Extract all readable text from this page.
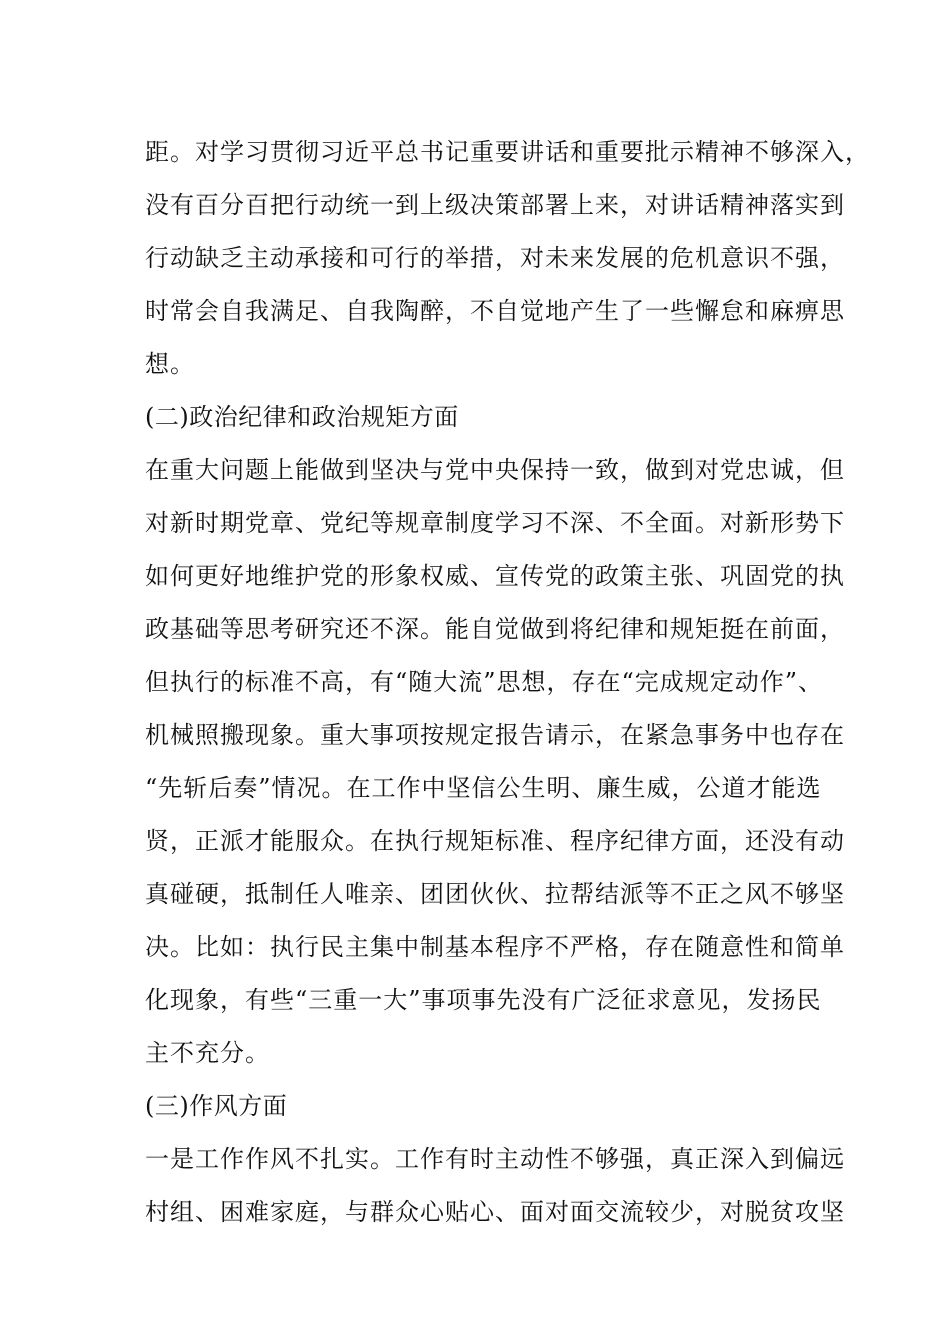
距。对学习贯彻习近平总书记重要讲话和重要批示精神不够深入，
没有百分百把行动统一到上级决策部署上来，对讲话精神落实到
行动缺乏主动承接和可行的举措，对未来发展的危机意识不强，
时常会自我满足、自我陶醉，不自觉地产生了一些懈怠和麻痹思
想。
(二)政治纪律和政治规矩方面
在重大问题上能做到坚决与党中央保持一致，做到对党忠诚，但
对新时期党章、党纪等规章制度学习不深、不全面。对新形势下
如何更好地维护党的形象权威、宣传党的政策主张、巩固党的执
政基础等思考研究还不深。能自觉做到将纪律和规矩挺在前面，
但执行的标准不高，有“随大流”思想，存在“完成规定动作”、
机械照搬现象。重大事项按规定报告请示，在紧急事务中也存在
“先斩后奏”情况。在工作中坚信公生明、廉生威，公道才能选
贤，正派才能服众。在执行规矩标准、程序纪律方面，还没有动
真碰硬，抵制任人唯亲、团团伙伙、拉帮结派等不正之风不够坚
决。比如：执行民主集中制基本程序不严格，存在随意性和简单
化现象，有些“三重一大”事项事先没有广泛征求意见，发扬民
主不充分。
(三)作风方面
一是工作作风不扎实。工作有时主动性不够强，真正深入到偏远
村组、困难家庭，与群众心贴心、面对面交流较少，对脱贫攻坚
